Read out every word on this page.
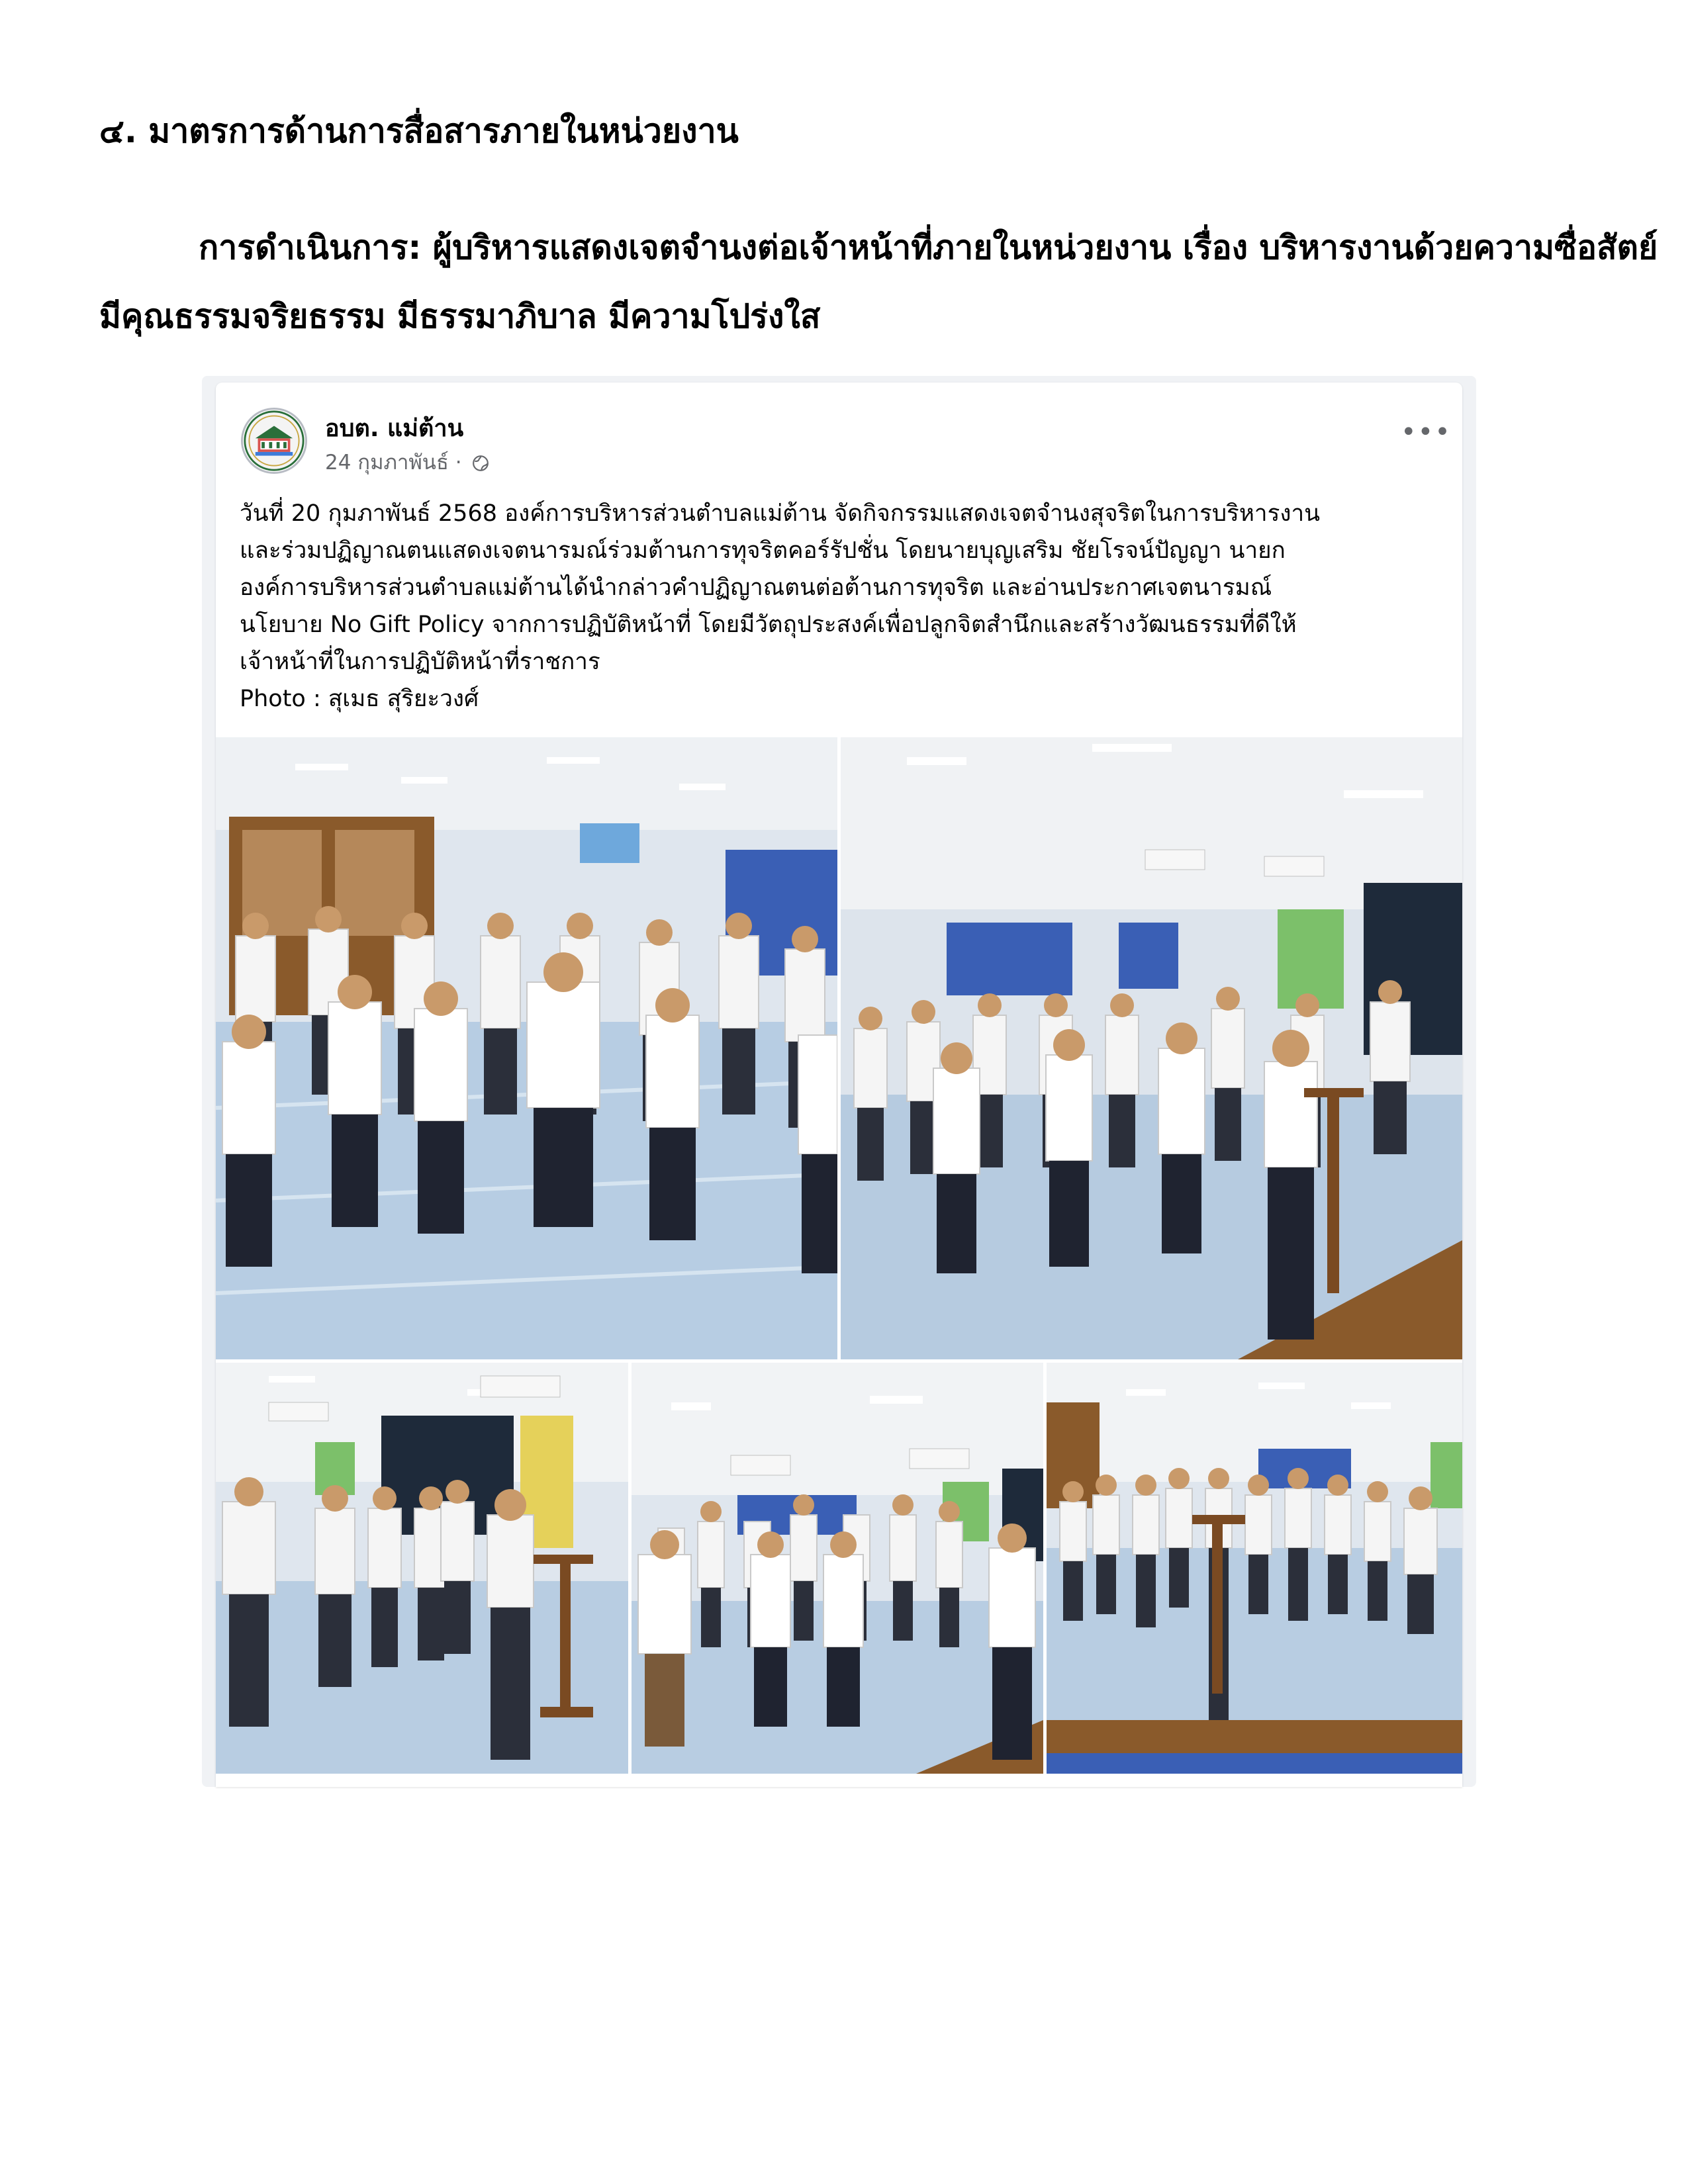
๔. มาตรการด้านการสื่อสารภายในหน่วยงาน
การดำเนินการ: ผู้บริหารแสดงเจตจำนงต่อเจ้าหน้าที่ภายในหน่วยงาน เรื่อง บริหารงานด้วยความซื่อสัตย์
มีคุณธรรมจริยธรรม มีธรรมาภิบาล มีความโปร่งใส
อบต. แม่ต้าน
24 กุมภาพันธ์ ·
•••
วันที่ 20 กุมภาพันธ์ 2568 องค์การบริหารส่วนตำบลแม่ต้าน จัดกิจกรรมแสดงเจตจำนงสุจริตในการบริหารงาน
และร่วมปฏิญาณตนแสดงเจตนารมณ์ร่วมต้านการทุจริตคอร์รัปชั่น โดยนายบุญเสริม ชัยโรจน์ปัญญา นายก
องค์การบริหารส่วนตำบลแม่ต้านได้นำกล่าวคำปฏิญาณตนต่อต้านการทุจริต และอ่านประกาศเจตนารมณ์
นโยบาย No Gift Policy จากการปฏิบัติหน้าที่ โดยมีวัตถุประสงค์เพื่อปลูกจิตสำนึกและสร้างวัฒนธรรมที่ดีให้
เจ้าหน้าที่ในการปฏิบัติหน้าที่ราชการ
Photo : สุเมธ สุริยะวงศ์
